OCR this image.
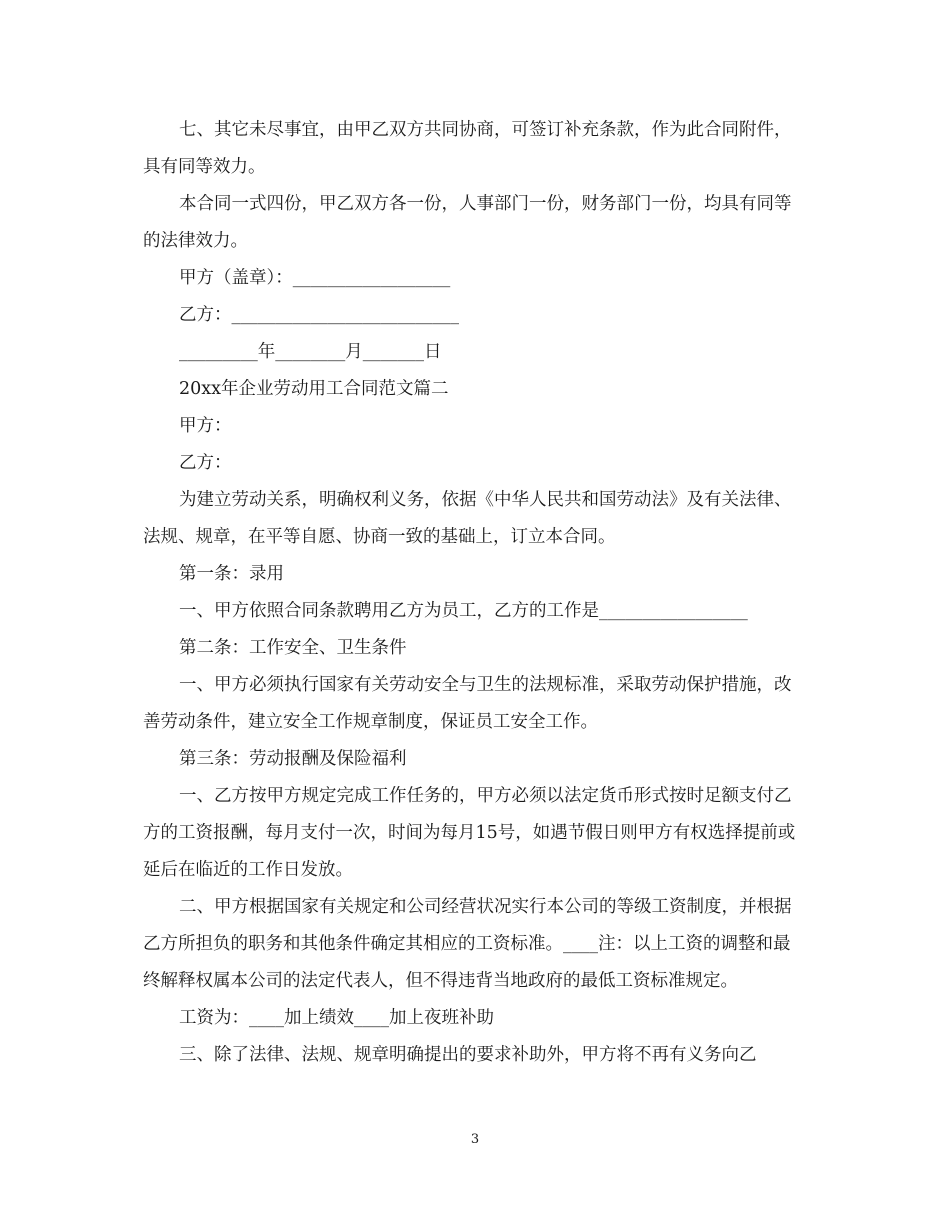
七、其它未尽事宜，由甲乙双方共同协商，可签订补充条款，作为此合同附件，具有同等效力。

本合同一式四份，甲乙双方各一份，人事部门一份，财务部门一份，均具有同等的法律效力。

甲方（盖章）：__________________

乙方：__________________________

_________年________月_______日

20xx年企业劳动用工合同范文篇二

甲方：

乙方：

为建立劳动关系，明确权利义务，依据《中华人民共和国劳动法》及有关法律、法规、规章，在平等自愿、协商一致的基础上，订立本合同。

第一条：录用

一、甲方依照合同条款聘用乙方为员工，乙方的工作是_________________

第二条：工作安全、卫生条件

一、甲方必须执行国家有关劳动安全与卫生的法规标准，采取劳动保护措施，改善劳动条件，建立安全工作规章制度，保证员工安全工作。

第三条：劳动报酬及保险福利

一、乙方按甲方规定完成工作任务的，甲方必须以法定货币形式按时足额支付乙方的工资报酬，每月支付一次，时间为每月15号，如遇节假日则甲方有权选择提前或延后在临近的工作日发放。

二、甲方根据国家有关规定和公司经营状况实行本公司的等级工资制度，并根据乙方所担负的职务和其他条件确定其相应的工资标准。____注：以上工资的调整和最终解释权属本公司的法定代表人，但不得违背当地政府的最低工资标准规定。

工资为：____加上绩效____加上夜班补助

三、除了法律、法规、规章明确提出的要求补助外，甲方将不再有义务向乙

3
